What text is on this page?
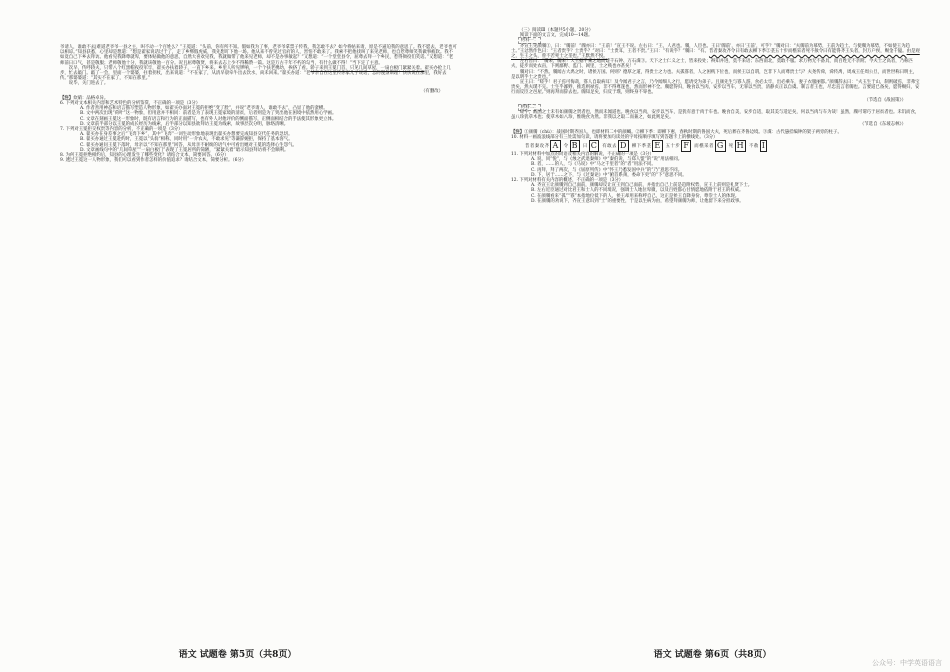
爷请人，谁敢不去|难道老爷爷一县之主，叫不动一个百姓么？”王冕道：“头前，你有所不知。假如我为了事，老爷爷拿票子传我，我怎敢不去？如今将帖来请，原是不逼迫我的意思了。我不愿去，老爷也可以相谅。”知县获悉，心里却是想道：“想是翟家说话过于了，走了乡绑假虎威，我先想叮下他一场。他从来不曾见过官府的人，害怕不敢来了。我索不把他找叫了来见老师，也自惹尊师笑我做事疲软。我不如竟自己下乡去拜访。他看见我降尊就卑，要体贴做他的意思，自然大喜欢见我，我就做带了他来见老师，却不是办事敏起？”又想道：“一个堂堂县令，屈尊去拜一个乡民，惹得衙役们笑话。”又想道：“老师前日口气，甚是敬服；老师敬他十分，我就该敬他一百分。况且屈尊敬贤，将来去志上少不得稀赞一篇。这是万古千年不朽的勾当，有什么做不得！”当下定了主意。

次早，传呼轿夫，只带八个红黑帽夜役军牢，翟买办扶着轿子，一直下乡来。乡里人听见锣响，一个个扶老携幼，挨挤了看。轿子来到王冕门首，只见几间草屋，一扇白板门紧紧关着。翟买办抢上几步，忙去敲门。敲了一会，里面一个婆婆，拄着拐杖，出来说道：“不在家了，从清早晨牵牛出去饮水，尚未回来。”翟买办道：“老爷亲自在这里传你家儿子说话，怎的慢条斯理！快快说在那里，我好去传。”那婆婆道：“其实不在家了，不知在那里。”

说毕，关门进去了。

（有删改）

【注】炊硝：品格卓异。

6. 下列对文本相关内容和艺术特色的分析鉴赏，不正确的一项是（3分）

A. 作者善用神态和语言描写塑造人物形象，如翟买办面对王冕的拒绝“变了脸”，并说“老爷请人，谁敢不去”，凸显了他的蛮横。

B. 文中两次出现“荷叶”这一物象，但用意并不相同：前者是为了表现王冕家境的清贫，后者则是为了突出他在困境中依然用心学画。

C. 文章在刻画王冕这一形象时，既有语言和行为的正面描写，也有外人对他评价的侧面描写，正侧面相结合的手法使其形象更立体。

D. 文章前半部分以王冕的成长经历为线索，后半部分以知县欲拜访王冕为线索，故事层次分明，脉络清晰。

7. 下列对王冕拒交权贵等内容的分析，不正确的一项是（3分）

A. 翟买办在身差事之后“飞奔下乡”，其中“飞奔”一词生动形象地表现出翟买办想要完成知县交代任务的急切。

B. 翟买办通过王冕赴约时，王冕以“头翁”相称，同时用“一介农夫，不敢求见”等谦辞婉拒，保持了基本客气。

C. 翟买办通问王冕下落时，母亲以“不知在那里”回答，从母亲不耐烦的语气中可看出她对王冕的选择心生怨气。

D. 文章画线句中的“几间草屋”“一扇白板门”表现了王冕居所的简陋，“紧紧关着”暗示知县拜访将不会顺利。

8. 为何王冕拒绝相约后，知县的心理发生了哪些变化？请结合文本，简要回答。（6分）

9. 透过王冕这一人物形象，我们可以看到作者怎样的价值追求？请结合文本，简要分析。（6分）

语文 试题卷 第5页（共8页）

（三）阅读Ⅲ（本题共5小题，20分）

阅读下面的文言文，完成10—14题。

材料一：

齐宣王见颜斶①，曰：“斶前！”斶亦曰：“王前！”宣王不说。左右曰：“王，人君也。斶，人臣也。王曰‘斶前’，亦曰‘王前’，可乎？”斶对曰：“夫斶前为慕势，王前为趋士。与使斶为慕势，不如使王为趋士。”王忿然作色曰：“王者贵乎？士贵乎？”对曰：“士贵耳，王者不贵。”王曰：“有说乎？”斶曰：“有。昔者秦攻齐令曰有敢去柳下季②垄五十步而樵采者死不赦令曰有能得齐王头者，封万户侯，赐金千镒。由是观之，生王之头，曾不若死士之垄也。”王默然不悦。

左右皆曰：“斶来，斶来！大王据千乘之地而建千石钟、万石虡③。天下之士仁义之士，皆来役处；辩知并进，莫不来语；东西南北，莫敢不服。求万物无不备具，而百姓无不亲附。今夫士之高者，乃称匹夫，徒步而处农亩，下则鄙野、监门、闾里，士之贱也亦甚矣！”

斶对曰：“不然。斶闻古大禹之时，诸侯万国。何则？德厚之道，得贵士之力也。夫孤寡者，人之困贱下位也，而侯王以自谓，岂非下人而尊贵士与？夫尧传舜，舜传禹，周成王任周公旦，而世世称曰明主，是以明乎士之贵也。”

宣王曰：“嗟乎！君子焉可侮哉，寡人自取病耳！及今闻君子之言，乃今闻细人之行，愿请受为弟子。且颜先生与寡人游，食必太牢，出必乘车，妻子衣服丽都。”颜斶辞去曰：“夫玉生于山，制则破焉，非弗宝贵矣，然夫璞不完。士生乎鄙野，推选则禄焉，非不得尊遂也，然而形神不全。斶愿得归，晚食以当肉，安步以当车，无罪以当贵，清静贞正以自虞。制言者王也，尽忠直言者斶也。言要道已备矣，愿得赐归，安行而反臣之邑屋。”则再拜而辞去也。斶知足矣，归反于璞，则终身不辱也。

（节选自《战国策》）

材料二：

嗟乎，战国之士未有如颜斶之贤者也，然而未闻道也。晚食以当肉，安步以当车，是犹有意于肉于车也。晚食自美，安步自适，取其美与适足矣，何以当肉与车为哉！虽然，斶可谓巧于居贫者也。未饥而食，虽八珍犹草木也；使草木如八珍，惟晚食为然。非我以之取二而兼之，如此则足矣。

（节选自《东坡志林》）

【注】①颜斶（chù）：战国时期齐国人，也即材料二中的颜蠋。②柳下季：即柳下惠，春秋时期的鲁国大夫，死后葬在齐鲁边境。③虡：古代悬挂编钟的架子两旁的柱子。

10. 材料一画波浪线部分有三处需加句读，请将要加句读处的字母按顺序填写到答题卡上的横线处。（3分）

昔者秦攻齐 A 令 B 曰 C 有敢去 D 柳下季垄 E 五十步 F 而樵采者 G 死 H 不赦 I

11. 下列对材料中加点的词语及相关内容的解说，不正确的一项是（3分）

A. 说，同“悦”，与《烛之武退秦师》中“秦伯说，与郑人盟”的“说”用法相同。

B. 者，……的人，与《马说》中“马之千里者”的“者”用法不同。

C. 再拜，拜了两次，与《屈原列传》中“怀王乃悉发国中兵”的“乃”意思不同。

D. 下，居于……之下，与《过秦论》中“俯首系颈，委命下吏”的“下”意思不同。

12. 下列对材料有关内容的概述，不正确的一项是（3分）

A. 齐宣王让颜斶到自己面前，颜斶却反让宣王到自己面前，并指出自己上前是趋附权势，宣王上前则是礼贤下士。

B. 左右近臣通过对比君王和士人的不同境况，强调士人地位卑微，以及百姓都心甘情愿地依附于君王的权威。

C. 在颜斶看来“孤”“寡”本指地位低下的人，侯王却用来称呼自己，这正是侯王自降身份、尊崇士人的体现。

D. 在颜斶的劝说下，齐宣王意识到“士”的重要性，于是以生病为由，希望拜颜斶为师，让他留下来分担政事。

语文 试题卷 第6页（共8页）
公众号：中学英语语言
